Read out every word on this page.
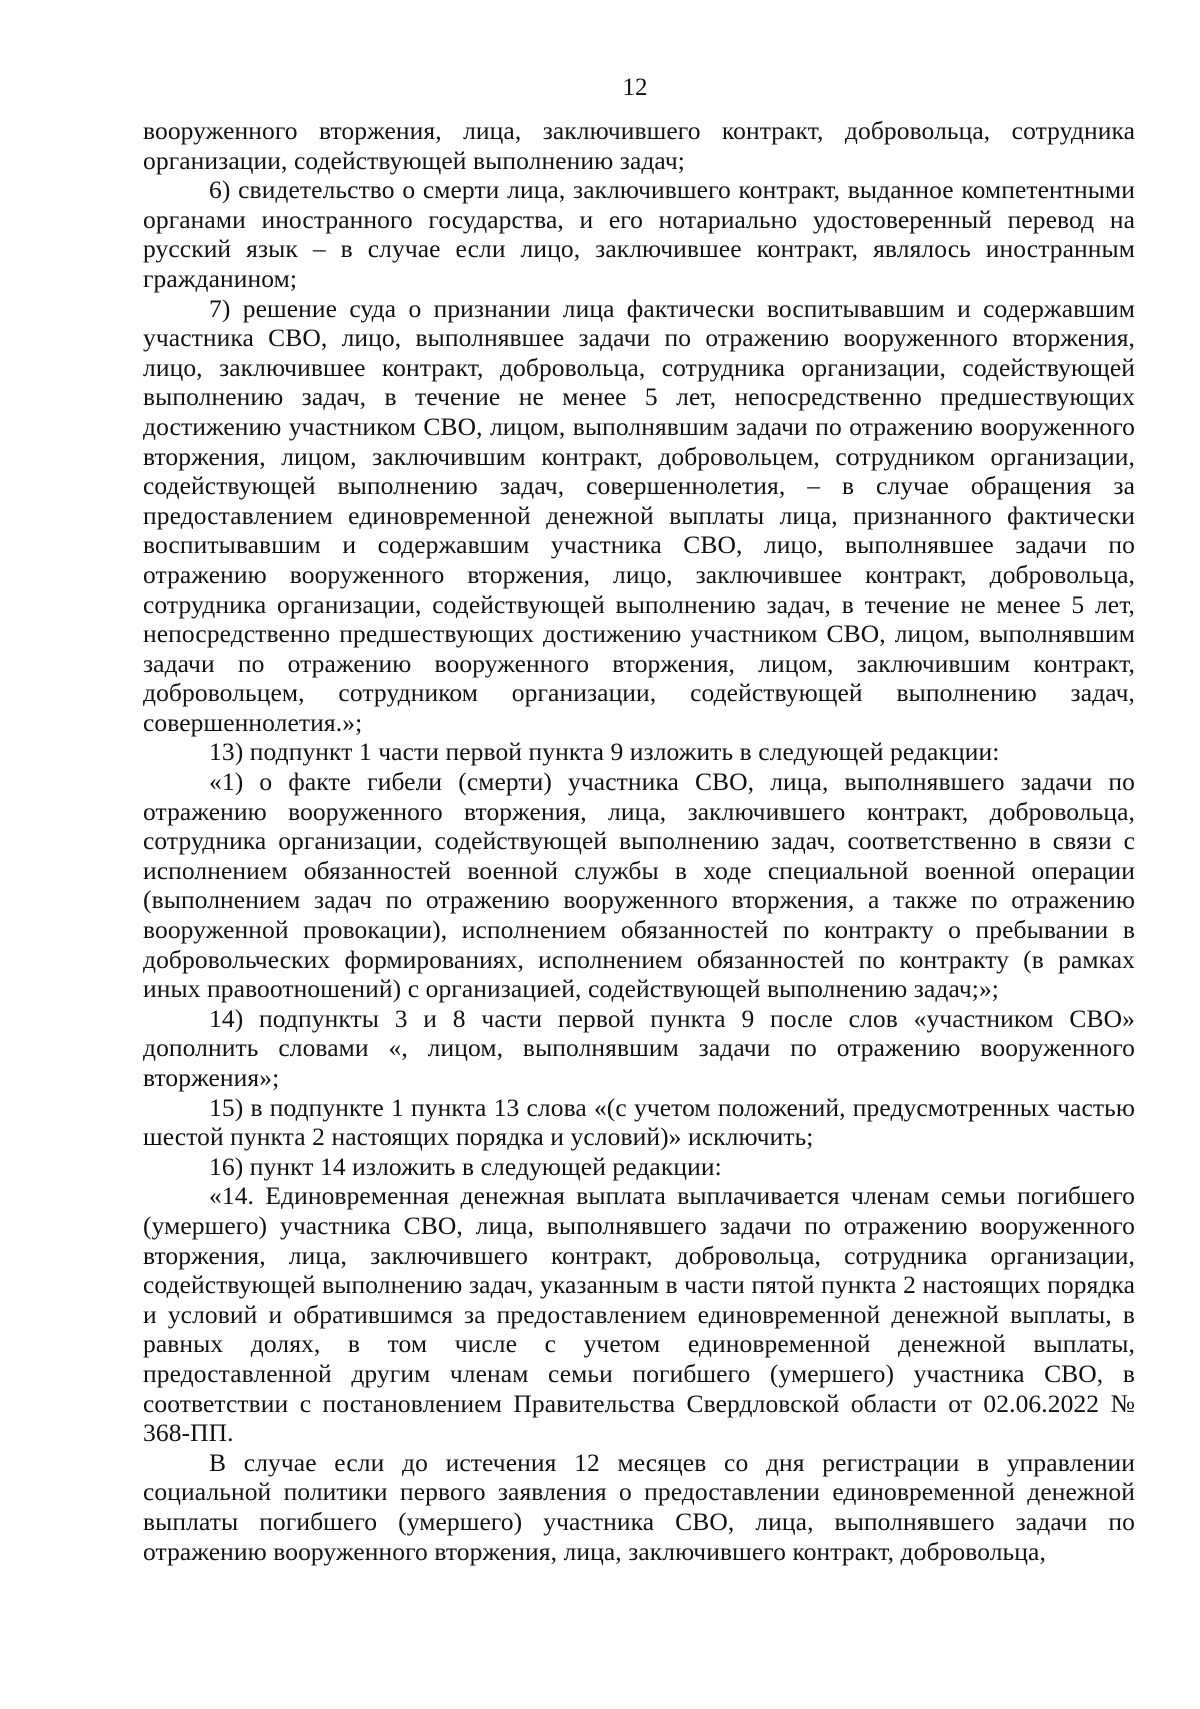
12

вооруженного вторжения, лица, заключившего контракт, добровольца, сотрудника организации, содействующей выполнению задач;

6) свидетельство о смерти лица, заключившего контракт, выданное компетентными органами иностранного государства, и его нотариально удостоверенный перевод на русский язык – в случае если лицо, заключившее контракт, являлось иностранным гражданином;

7) решение суда о признании лица фактически воспитывавшим и содержавшим участника СВО, лицо, выполнявшее задачи по отражению вооруженного вторжения, лицо, заключившее контракт, добровольца, сотрудника организации, содействующей выполнению задач, в течение не менее 5 лет, непосредственно предшествующих достижению участником СВО, лицом, выполнявшим задачи по отражению вооруженного вторжения, лицом, заключившим контракт, добровольцем, сотрудником организации, содействующей выполнению задач, совершеннолетия, – в случае обращения за предоставлением единовременной денежной выплаты лица, признанного фактически воспитывавшим и содержавшим участника СВО, лицо, выполнявшее задачи по отражению вооруженного вторжения, лицо, заключившее контракт, добровольца, сотрудника организации, содействующей выполнению задач, в течение не менее 5 лет, непосредственно предшествующих достижению участником СВО, лицом, выполнявшим задачи по отражению вооруженного вторжения, лицом, заключившим контракт, добровольцем, сотрудником организации, содействующей выполнению задач, совершеннолетия.»;

13) подпункт 1 части первой пункта 9 изложить в следующей редакции:

«1) о факте гибели (смерти) участника СВО, лица, выполнявшего задачи по отражению вооруженного вторжения, лица, заключившего контракт, добровольца, сотрудника организации, содействующей выполнению задач, соответственно в связи с исполнением обязанностей военной службы в ходе специальной военной операции (выполнением задач по отражению вооруженного вторжения, а также по отражению вооруженной провокации), исполнением обязанностей по контракту о пребывании в добровольческих формированиях, исполнением обязанностей по контракту (в рамках иных правоотношений) с организацией, содействующей выполнению задач;»;

14) подпункты 3 и 8 части первой пункта 9 после слов «участником СВО» дополнить словами «, лицом, выполнявшим задачи по отражению вооруженного вторжения»;

15) в подпункте 1 пункта 13 слова «(с учетом положений, предусмотренных частью шестой пункта 2 настоящих порядка и условий)» исключить;

16) пункт 14 изложить в следующей редакции:

«14. Единовременная денежная выплата выплачивается членам семьи погибшего (умершего) участника СВО, лица, выполнявшего задачи по отражению вооруженного вторжения, лица, заключившего контракт, добровольца, сотрудника организации, содействующей выполнению задач, указанным в части пятой пункта 2 настоящих порядка и условий и обратившимся за предоставлением единовременной денежной выплаты, в равных долях, в том числе с учетом единовременной денежной выплаты, предоставленной другим членам семьи погибшего (умершего) участника СВО, в соответствии с постановлением Правительства Свердловской области от 02.06.2022 № 368-ПП.

В случае если до истечения 12 месяцев со дня регистрации в управлении социальной политики первого заявления о предоставлении единовременной денежной выплаты погибшего (умершего) участника СВО, лица, выполнявшего задачи по отражению вооруженного вторжения, лица, заключившего контракт, добровольца,
